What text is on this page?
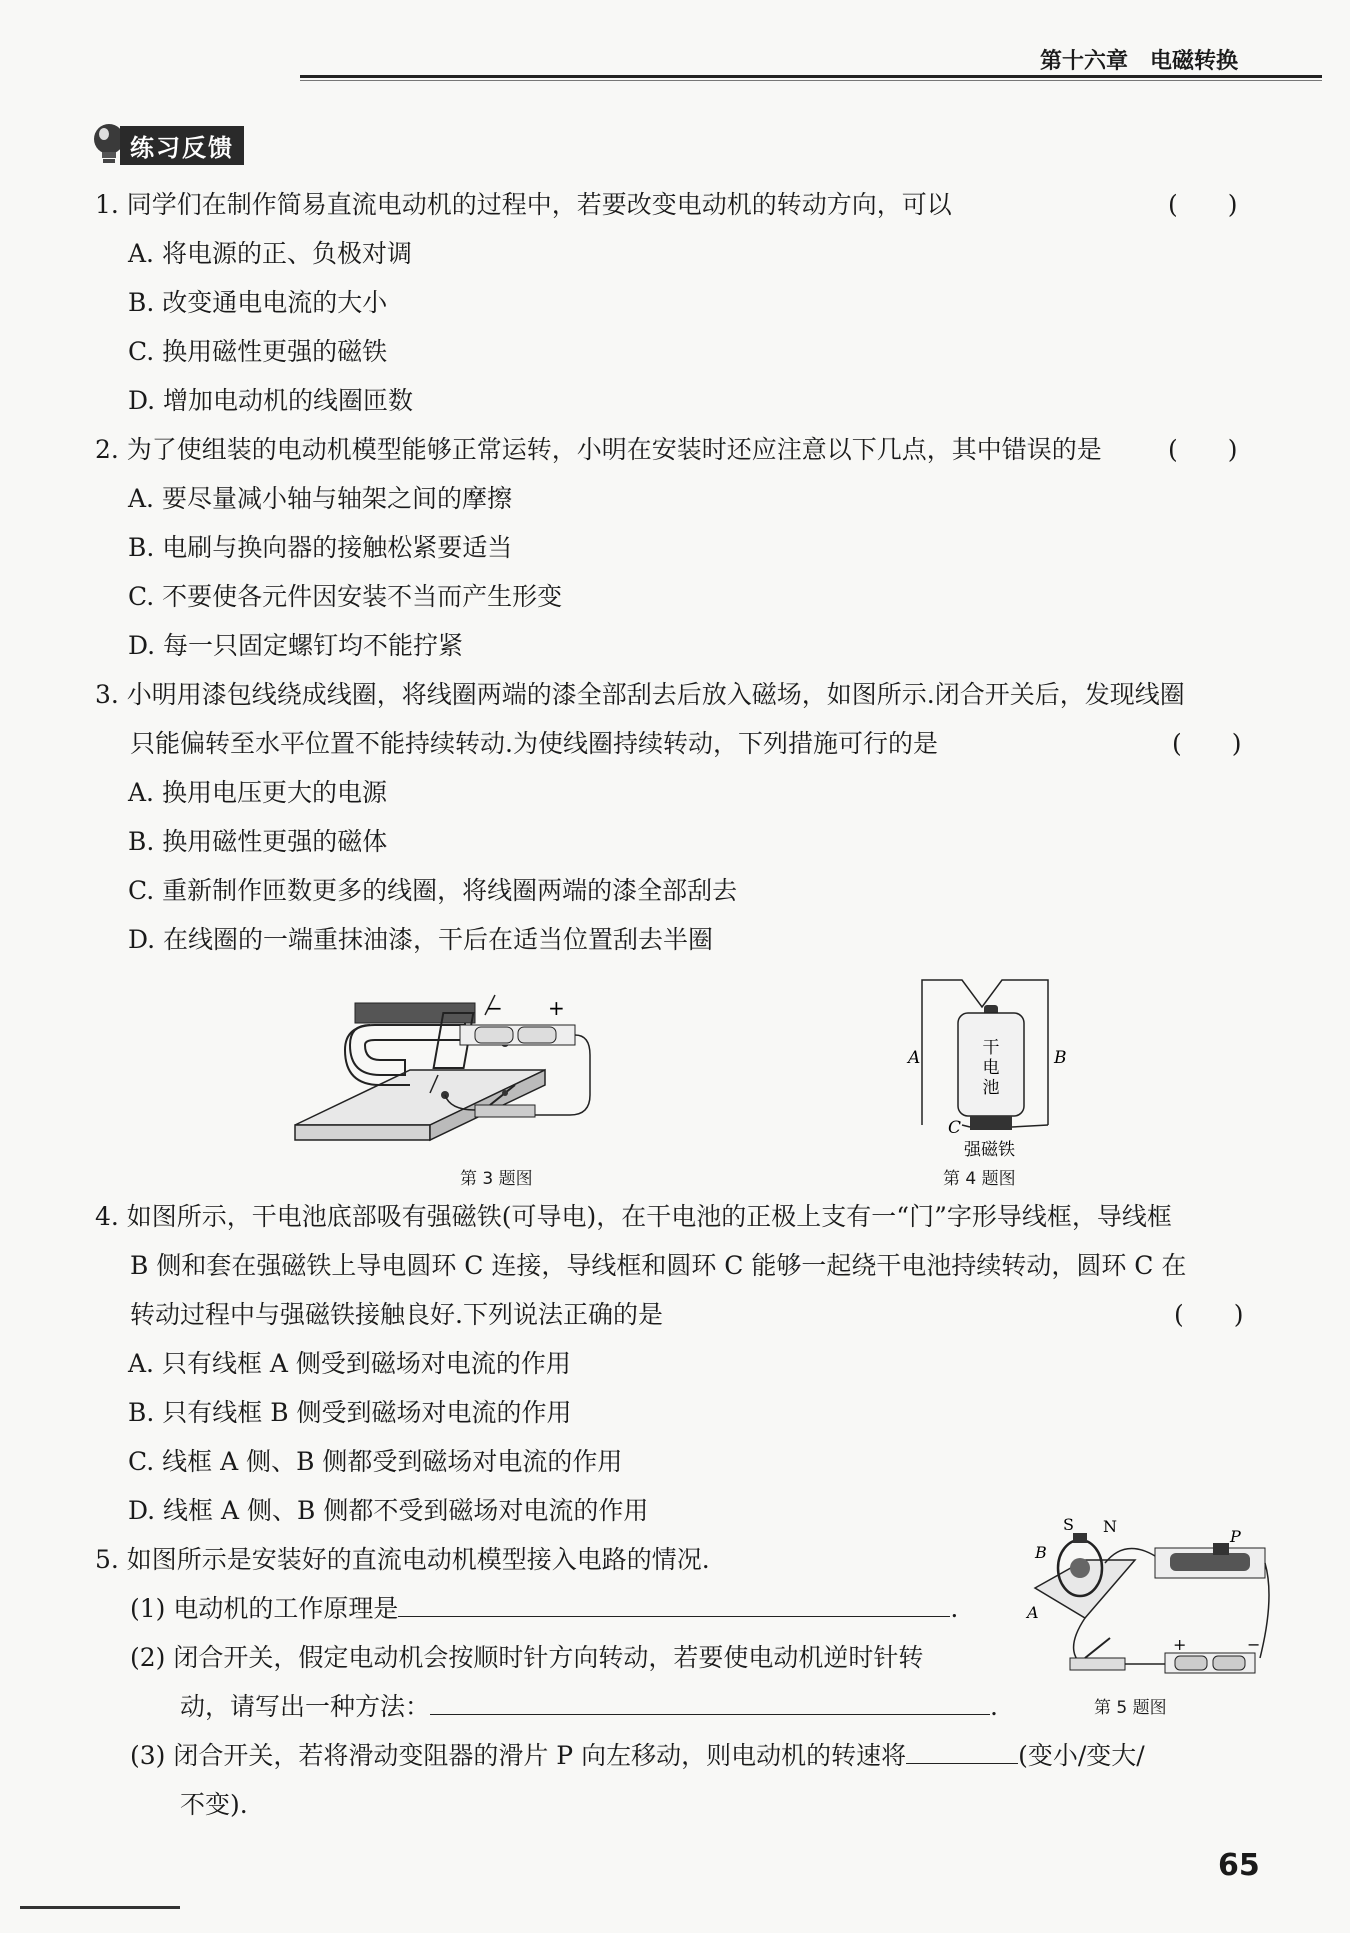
第十六章 电磁转换
练习反馈
1. 同学们在制作简易直流电动机的过程中，若要改变电动机的转动方向，可以	(　　)
A. 将电源的正、负极对调
B. 改变通电电流的大小
C. 换用磁性更强的磁铁
D. 增加电动机的线圈匝数
2. 为了使组装的电动机模型能够正常运转，小明在安装时还应注意以下几点，其中错误的是	(　　)
A. 要尽量减小轴与轴架之间的摩擦
B. 电刷与换向器的接触松紧要适当
C. 不要使各元件因安装不当而产生形变
D. 每一只固定螺钉均不能拧紧
3. 小明用漆包线绕成线圈，将线圈两端的漆全部刮去后放入磁场，如图所示.闭合开关后，发现线圈
只能偏转至水平位置不能持续转动.为使线圈持续转动，下列措施可行的是	(　　)
A. 换用电压更大的电源
B. 换用磁性更强的磁体
C. 重新制作匝数更多的线圈，将线圈两端的漆全部刮去
D. 在线圈的一端重抹油漆，干后在适当位置刮去半圈
− +
第 3 题图
干
电
池
A	B
C
强磁铁
第 4 题图
4. 如图所示，干电池底部吸有强磁铁(可导电)，在干电池的正极上支有一“门”字形导线框，导线框
B 侧和套在强磁铁上导电圆环 C 连接，导线框和圆环 C 能够一起绕干电池持续转动，圆环 C 在
转动过程中与强磁铁接触良好.下列说法正确的是	(　　)
A. 只有线框 A 侧受到磁场对电流的作用
B. 只有线框 B 侧受到磁场对电流的作用
C. 线框 A 侧、B 侧都受到磁场对电流的作用
D. 线框 A 侧、B 侧都不受到磁场对电流的作用
5. 如图所示是安装好的直流电动机模型接入电路的情况.
(1) 电动机的工作原理是	.
(2) 闭合开关，假定电动机会按顺时针方向转动，若要使电动机逆时针转
动，请写出一种方法：	.
(3) 闭合开关，若将滑动变阻器的滑片 P 向左移动，则电动机的转速将	(变小/变大/
不变).
S N
B
A
P
+	−
第 5 题图
65
